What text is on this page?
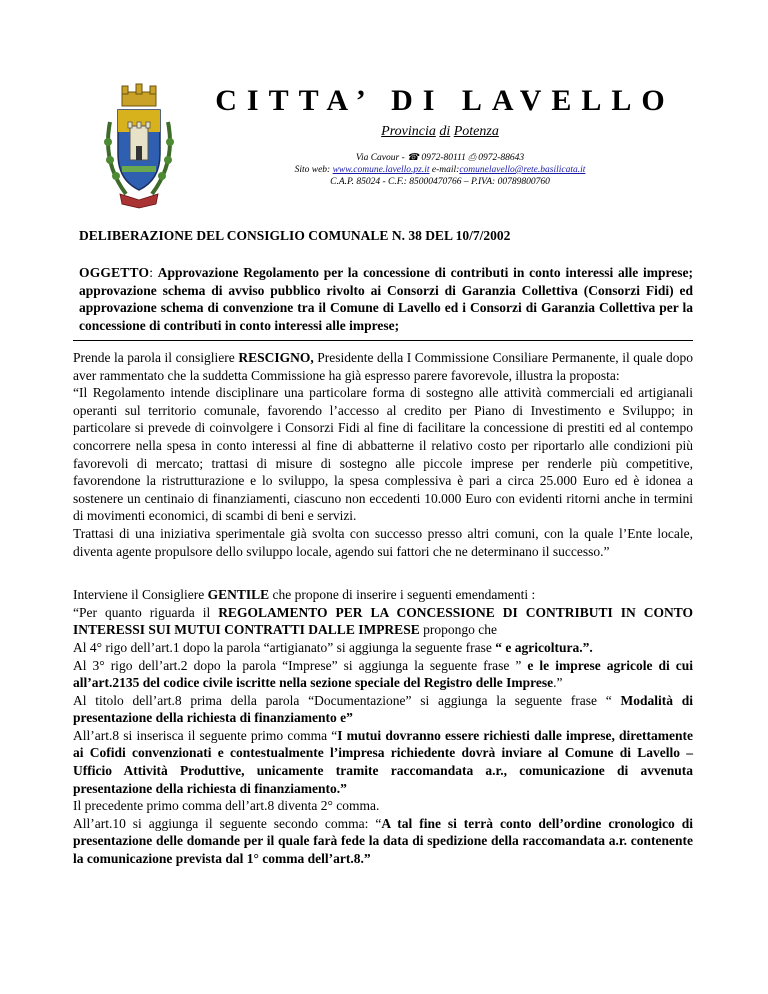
CITTA’ DI LAVELLO
Provincia di Potenza
Via Cavour - ☎ 0972-80111 ⎙ 0972-88643
Sito web: www.comune.lavello.pz.it e-mail:comunelavello@rete.basilicata.it
C.A.P. 85024 - C.F.: 85000470766 – P.IVA: 00789800760
DELIBERAZIONE DEL CONSIGLIO COMUNALE N. 38 DEL 10/7/2002
OGGETTO: Approvazione Regolamento per la concessione di contributi in conto interessi alle imprese; approvazione schema di avviso pubblico rivolto ai Consorzi di Garanzia Collettiva (Consorzi Fidi) ed approvazione schema di convenzione tra il Comune di Lavello ed i Consorzi di Garanzia Collettiva per la concessione di contributi in conto interessi alle imprese;

Prende la parola il consigliere RESCIGNO, Presidente della I Commissione Consiliare Permanente, il quale dopo aver rammentato che la suddetta Commissione ha già espresso parere favorevole, illustra la proposta:

“Il Regolamento intende disciplinare una particolare forma di sostegno alle attività commerciali ed artigianali operanti sul territorio comunale, favorendo l’accesso al credito per Piano di Investimento e Sviluppo; in particolare si prevede di coinvolgere i Consorzi Fidi al fine di facilitare la concessione di prestiti ed al contempo concorrere nella spesa in conto interessi al fine di abbatterne il relativo costo per riportarlo alle condizioni più favorevoli di mercato; trattasi di misure di sostegno alle piccole imprese per renderle più competitive, favorendone la ristrutturazione e lo sviluppo, la spesa complessiva è pari a circa 25.000 Euro ed è idonea a sostenere un centinaio di finanziamenti, ciascuno non eccedenti 10.000 Euro con evidenti ritorni anche in termini di movimenti economici, di scambi di beni e servizi.

Trattasi di una iniziativa sperimentale già svolta con successo presso altri comuni, con la quale l’Ente locale, diventa agente propulsore dello sviluppo locale, agendo sui fattori che ne determinano il successo.”

Interviene il Consigliere GENTILE che propone di inserire i seguenti emendamenti :

“Per quanto riguarda il REGOLAMENTO PER LA CONCESSIONE DI CONTRIBUTI IN CONTO INTERESSI SUI MUTUI CONTRATTI DALLE IMPRESE propongo che

Al 4° rigo dell’art.1 dopo la parola “artigianato” si aggiunga la seguente frase “ e agricoltura.”.

Al 3° rigo dell’art.2 dopo la parola “Imprese” si aggiunga la seguente frase ” e le imprese agricole di cui all’art.2135 del codice civile iscritte nella sezione speciale del Registro delle Imprese.”

Al titolo dell’art.8 prima della parola “Documentazione” si aggiunga la seguente frase “ Modalità di presentazione della richiesta di finanziamento e”

All’art.8 si inserisca il seguente primo comma “I mutui dovranno essere richiesti dalle imprese, direttamente ai Cofidi convenzionati e contestualmente l’impresa richiedente dovrà inviare al Comune di Lavello – Ufficio Attività Produttive, unicamente tramite raccomandata a.r., comunicazione di avvenuta presentazione della richiesta di finanziamento.”

Il precedente primo comma dell’art.8 diventa 2° comma.

All’art.10 si aggiunga il seguente secondo comma: “A tal fine si terrà conto dell’ordine cronologico di presentazione delle domande per il quale farà fede la data di spedizione della raccomandata a.r. contenente la comunicazione prevista dal 1° comma dell’art.8.”
